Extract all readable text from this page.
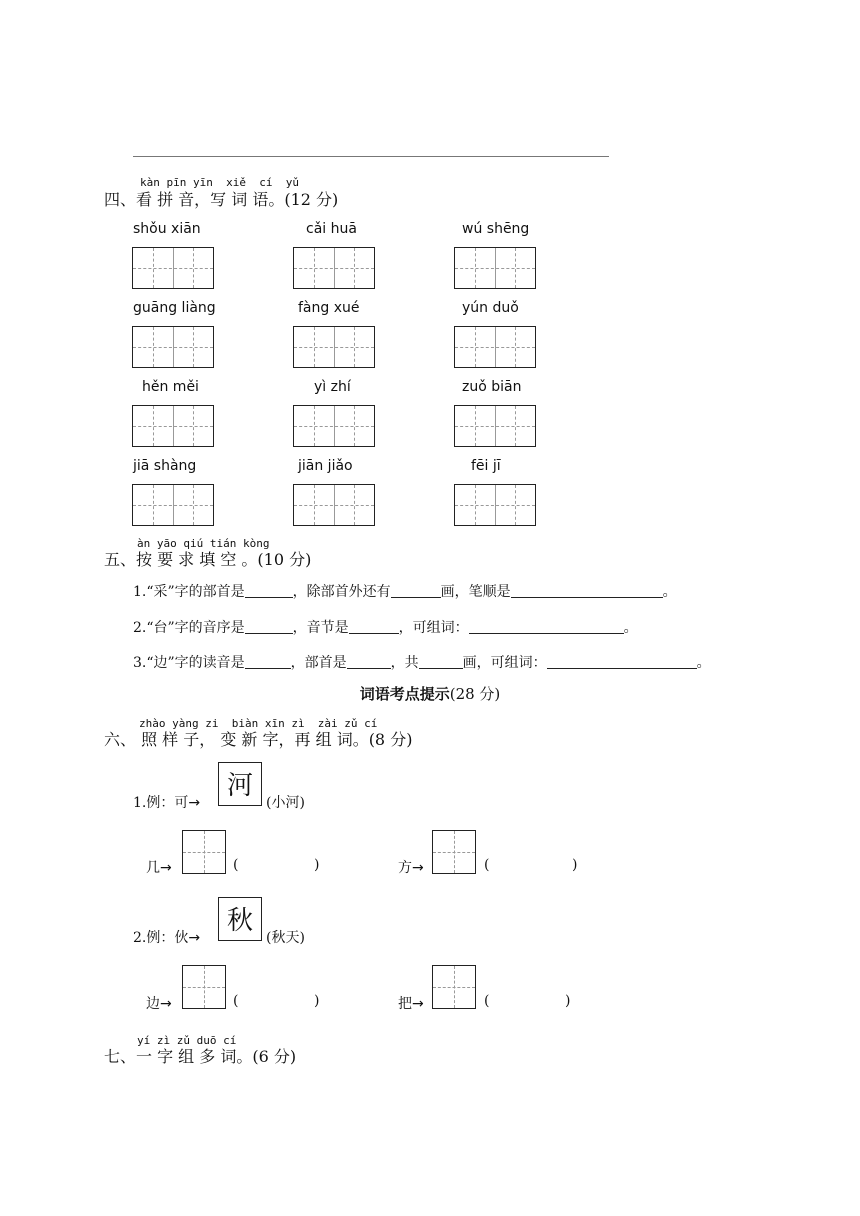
kàn pīn yīn  xiě  cí  yǔ
四、看 拼 音，写 词 语。(12 分)
shǒu xiān	cǎi huā	wú shēng
guāng liàng	fàng xué	yún duǒ
hěn měi	yì zhí	zuǒ biān
jiā shàng	jiān jiǎo	fēi jī
àn yāo qiú tián kòng
五、按 要 求 填 空 。(10 分)
1.“采”字的部首是	，除部首外还有	画，笔顺是	。
2.“台”字的音序是	，音节是	，可组词：	。
3.“边”字的读音是	，部首是	，共	画，可组词：	。
词语考点提示(28 分)
zhào yàng zi  biàn xīn zì  zài zǔ cí
六、 照 样 子， 变 新 字，再 组 词。(8 分)
1.例：可→
河
(小河)
几→	(	)	方→	(	)
2.例：伙→
秋
(秋天)
边→	(	)	把→	(	)
yí zì zǔ duō cí
七、一 字 组 多 词。(6 分)
